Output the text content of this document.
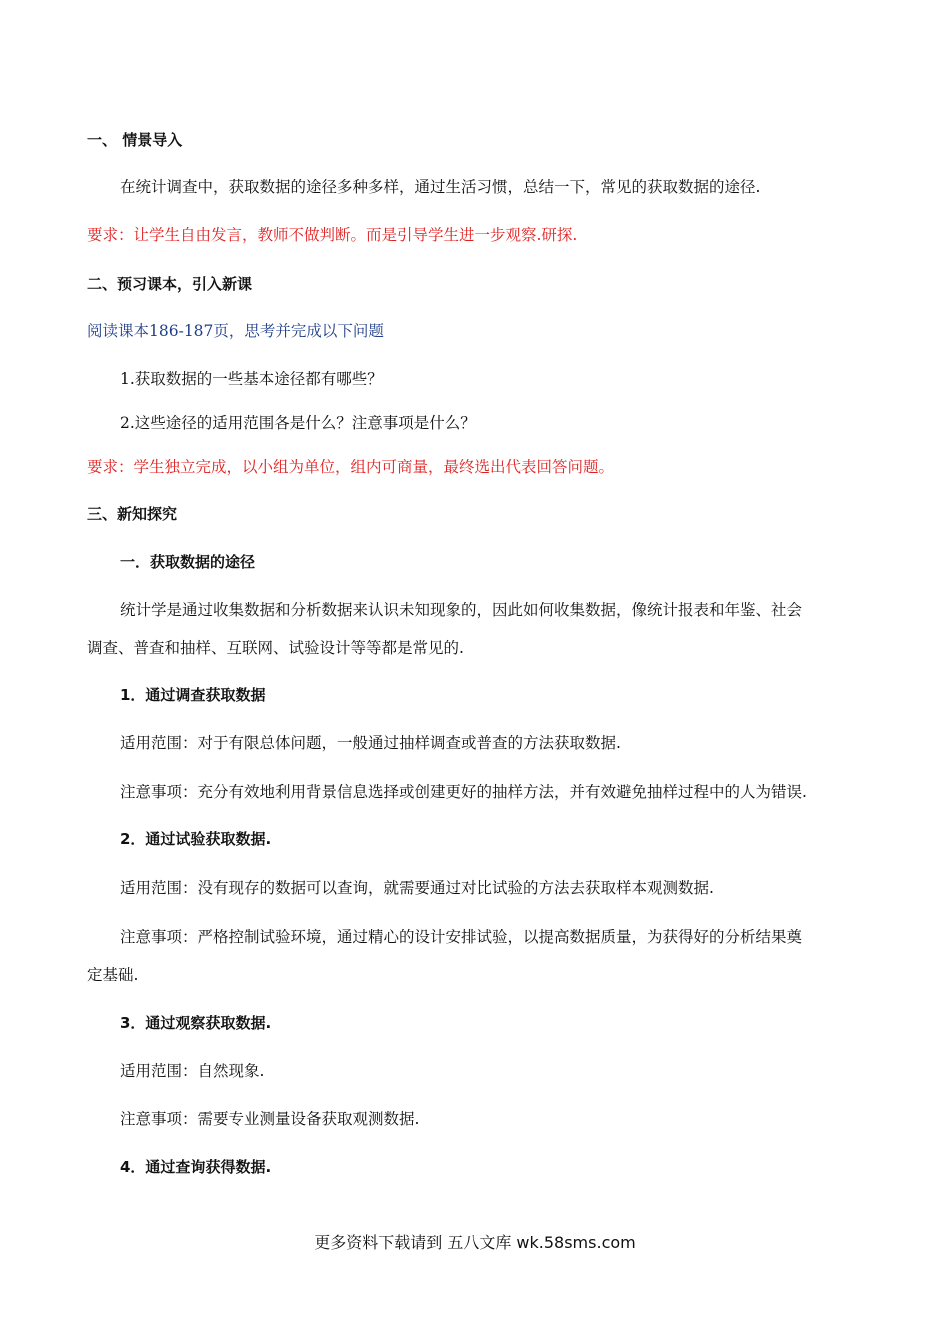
一、 情景导入
在统计调查中，获取数据的途径多种多样，通过生活习惯，总结一下，常见的获取数据的途径.
要求：让学生自由发言，教师不做判断。而是引导学生进一步观察.研探.
二、预习课本，引入新课
阅读课本186-187页，思考并完成以下问题
1.获取数据的一些基本途径都有哪些？
2.这些途径的适用范围各是什么？注意事项是什么？
要求：学生独立完成，以小组为单位，组内可商量，最终选出代表回答问题。
三、新知探究
一．获取数据的途径
统计学是通过收集数据和分析数据来认识未知现象的，因此如何收集数据，像统计报表和年鉴、社会
调查、普查和抽样、互联网、试验设计等等都是常见的.
1．通过调查获取数据
适用范围：对于有限总体问题，一般通过抽样调查或普查的方法获取数据.
注意事项：充分有效地利用背景信息选择或创建更好的抽样方法，并有效避免抽样过程中的人为错误.
2．通过试验获取数据.
适用范围：没有现存的数据可以查询，就需要通过对比试验的方法去获取样本观测数据.
注意事项：严格控制试验环境，通过精心的设计安排试验，以提高数据质量，为获得好的分析结果奠
定基础.
3．通过观察获取数据.
适用范围：自然现象.
注意事项：需要专业测量设备获取观测数据.
4．通过查询获得数据.
更多资料下载请到 五八文库 wk.58sms.com
